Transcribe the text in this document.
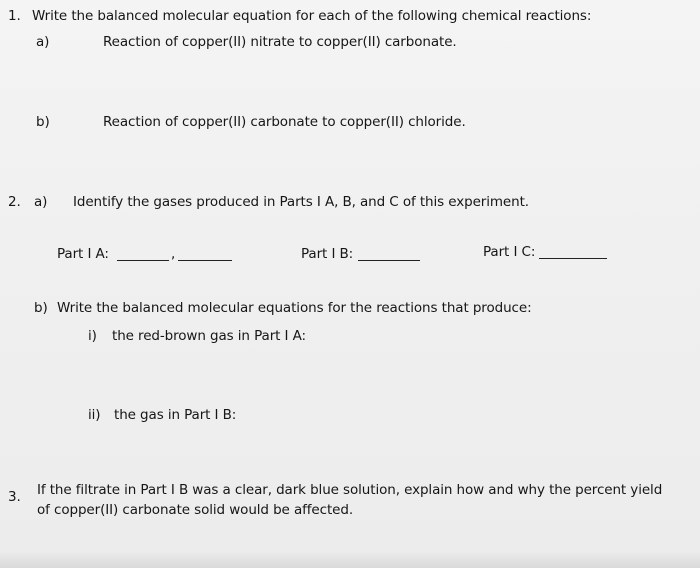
1. Write the balanced molecular equation for each of the following chemical reactions:
a)	Reaction of copper(II) nitrate to copper(II) carbonate.
b)	Reaction of copper(II) carbonate to copper(II) chloride.
2. a) Identify the gases produced in Parts I A, B, and C of this experiment.
Part I A:	,	Part I B:	Part I C:
b) Write the balanced molecular equations for the reactions that produce:
i) the red-brown gas in Part I A:
ii) the gas in Part I B:
3. If the filtrate in Part I B was a clear, dark blue solution, explain how and why the percent yield
of copper(II) carbonate solid would be affected.
